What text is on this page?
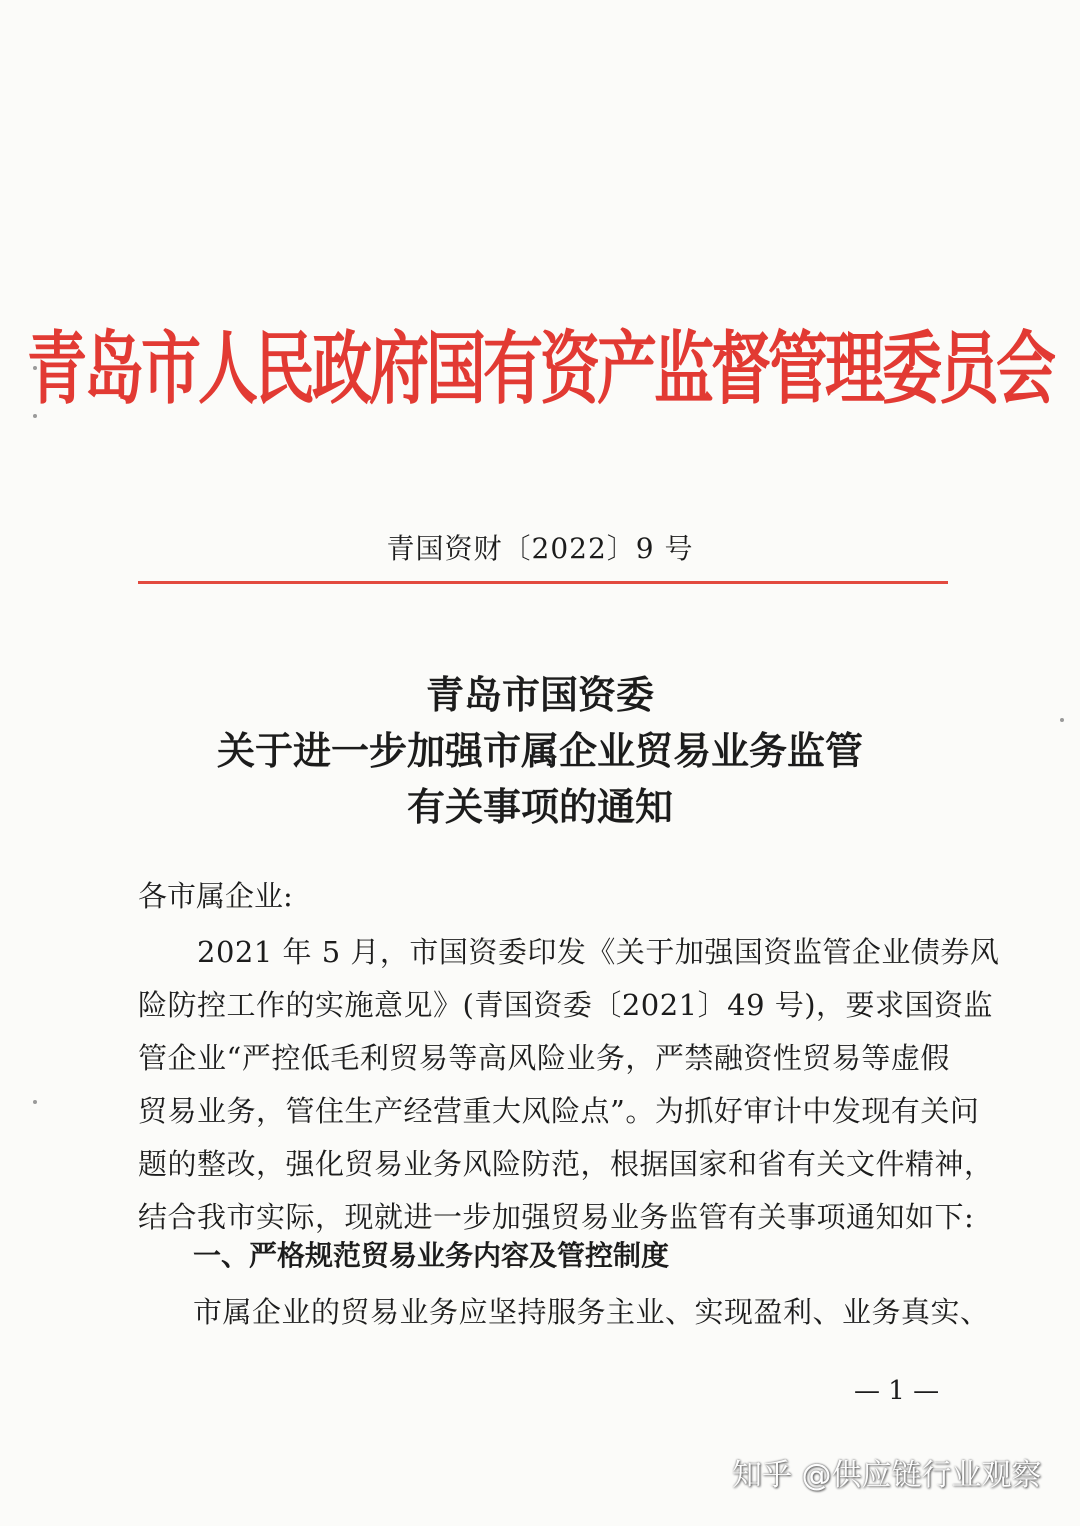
青岛市人民政府国有资产监督管理委员会
青国资财〔2022〕9 号
青岛市国资委
关于进一步加强市属企业贸易业务监管
有关事项的通知
各市属企业:
　　2021 年 5 月，市国资委印发《关于加强国资监管企业债券风
险防控工作的实施意见》(青国资委〔2021〕49 号)，要求国资监
管企业“严控低毛利贸易等高风险业务，严禁融资性贸易等虚假
贸易业务，管住生产经营重大风险点”。为抓好审计中发现有关问
题的整改，强化贸易业务风险防范，根据国家和省有关文件精神，
结合我市实际，现就进一步加强贸易业务监管有关事项通知如下:
一、严格规范贸易业务内容及管控制度
市属企业的贸易业务应坚持服务主业、实现盈利、业务真实、
— 1 —
知乎 @供应链行业观察
